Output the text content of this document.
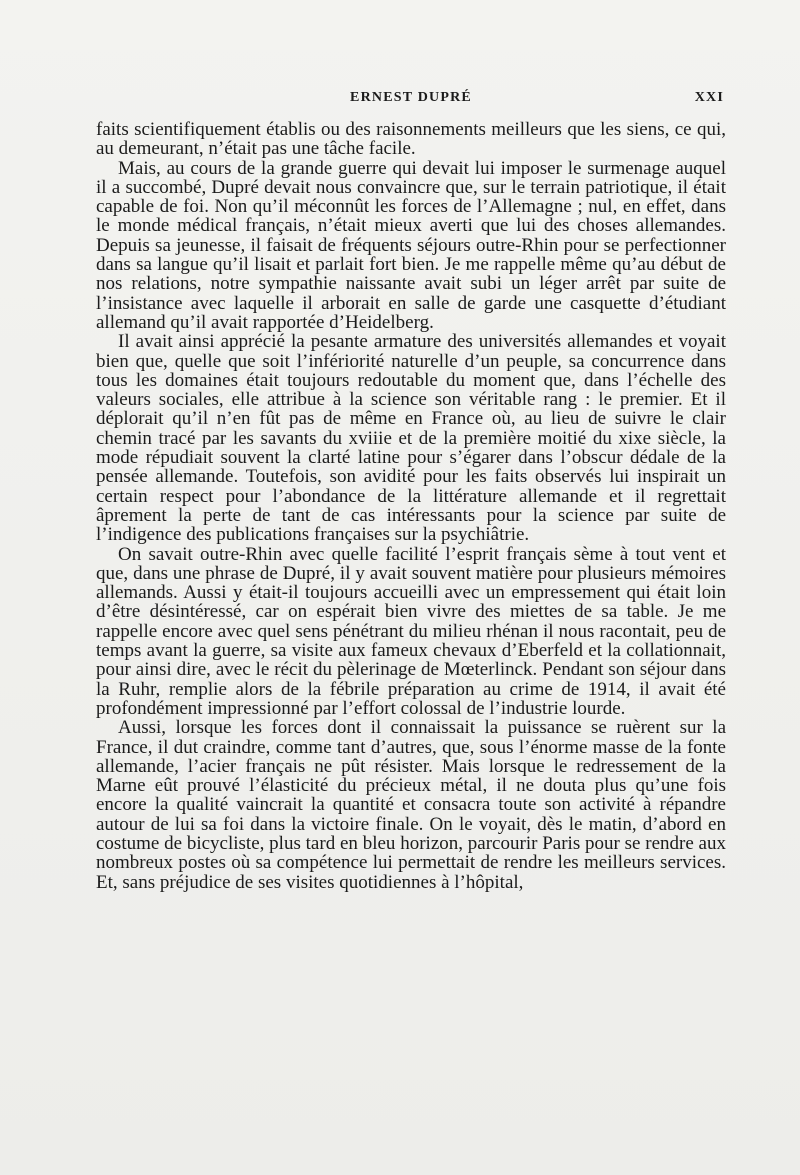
ERNEST DUPRÉ	XXI

faits scientifiquement établis ou des raisonnements meilleurs que les siens, ce qui, au demeurant, n’était pas une tâche facile.

Mais, au cours de la grande guerre qui devait lui imposer le surmenage auquel il a succombé, Dupré devait nous convaincre que, sur le terrain patriotique, il était capable de foi. Non qu’il méconnût les forces de l’Allemagne ; nul, en effet, dans le monde médical français, n’était mieux averti que lui des choses allemandes. Depuis sa jeunesse, il faisait de fréquents séjours outre-Rhin pour se perfectionner dans sa langue qu’il lisait et parlait fort bien. Je me rappelle même qu’au début de nos relations, notre sympathie naissante avait subi un léger arrêt par suite de l’insistance avec laquelle il arborait en salle de garde une casquette d’étudiant allemand qu’il avait rapportée d’Heidelberg.

Il avait ainsi apprécié la pesante armature des universités allemandes et voyait bien que, quelle que soit l’infériorité naturelle d’un peuple, sa concurrence dans tous les domaines était toujours redoutable du moment que, dans l’échelle des valeurs sociales, elle attribue à la science son véritable rang : le premier. Et il déplorait qu’il n’en fût pas de même en France où, au lieu de suivre le clair chemin tracé par les savants du xviiie et de la première moitié du xixe siècle, la mode répudiait souvent la clarté latine pour s’égarer dans l’obscur dédale de la pensée allemande. Toutefois, son avidité pour les faits observés lui inspirait un certain respect pour l’abondance de la littérature allemande et il regrettait âprement la perte de tant de cas intéressants pour la science par suite de l’indigence des publications françaises sur la psychiâtrie.

On savait outre-Rhin avec quelle facilité l’esprit français sème à tout vent et que, dans une phrase de Dupré, il y avait souvent matière pour plusieurs mémoires allemands. Aussi y était-il toujours accueilli avec un empressement qui était loin d’être désintéressé, car on espérait bien vivre des miettes de sa table. Je me rappelle encore avec quel sens pénétrant du milieu rhénan il nous racontait, peu de temps avant la guerre, sa visite aux fameux chevaux d’Eberfeld et la collationnait, pour ainsi dire, avec le récit du pèlerinage de Mœterlinck. Pendant son séjour dans la Ruhr, remplie alors de la fébrile préparation au crime de 1914, il avait été profondément impressionné par l’effort colossal de l’industrie lourde.

Aussi, lorsque les forces dont il connaissait la puissance se ruèrent sur la France, il dut craindre, comme tant d’autres, que, sous l’énorme masse de la fonte allemande, l’acier français ne pût résister. Mais lorsque le redressement de la Marne eût prouvé l’élasticité du précieux métal, il ne douta plus qu’une fois encore la qualité vaincrait la quantité et consacra toute son activité à répandre autour de lui sa foi dans la victoire finale. On le voyait, dès le matin, d’abord en costume de bicycliste, plus tard en bleu horizon, parcourir Paris pour se rendre aux nombreux postes où sa compétence lui permettait de rendre les meilleurs services. Et, sans préjudice de ses visites quotidiennes à l’hôpital,
